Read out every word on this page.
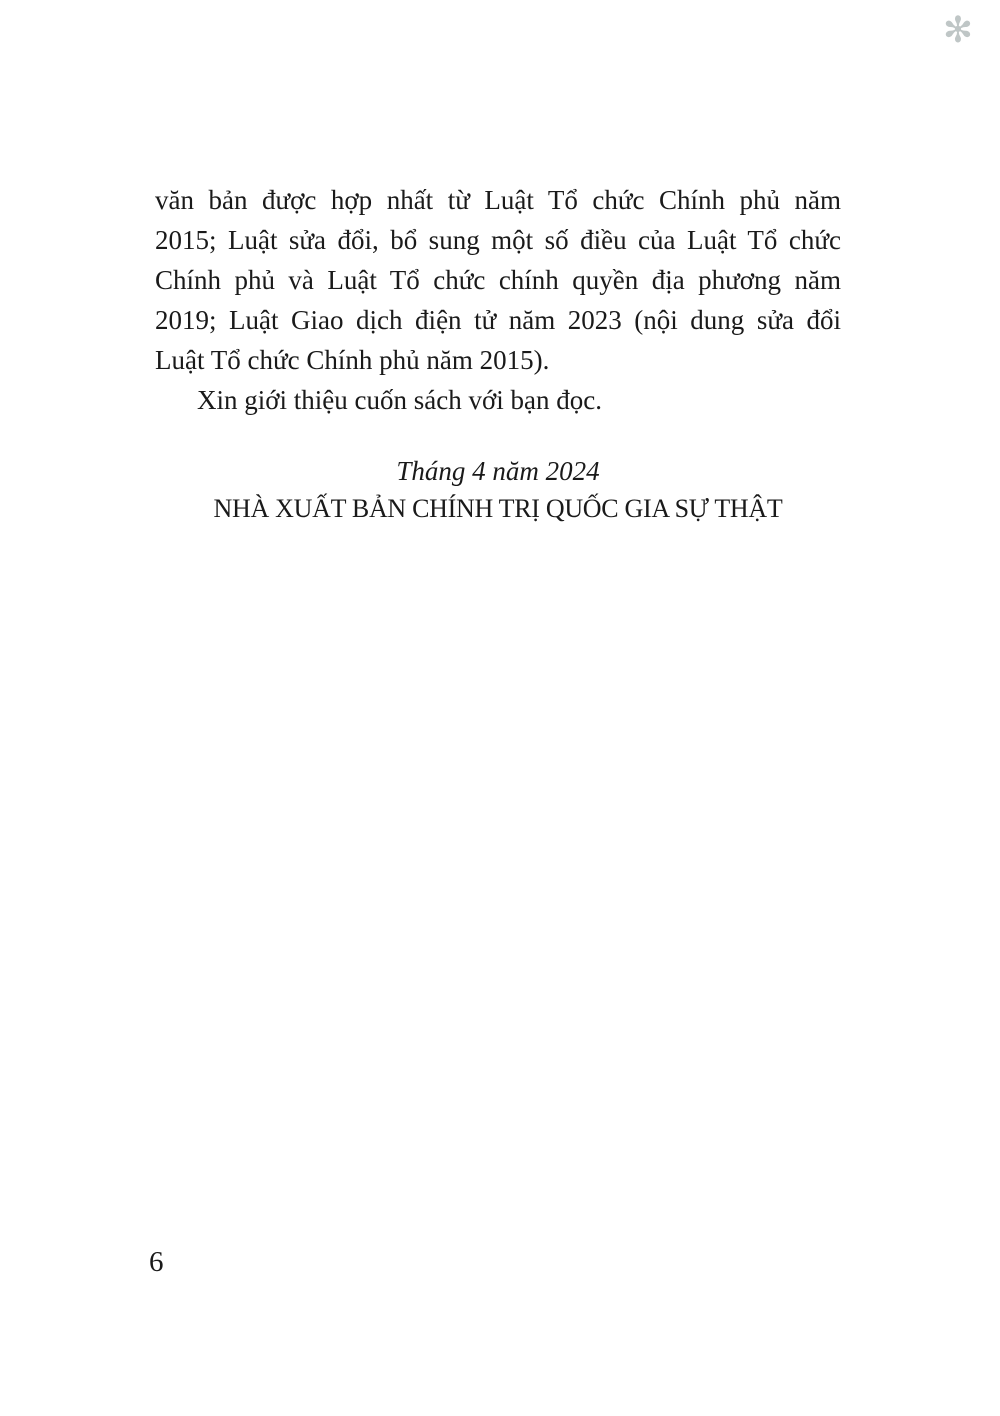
✻

văn bản được hợp nhất từ Luật Tổ chức Chính phủ năm

2015; Luật sửa đổi, bổ sung một số điều của Luật Tổ chức

Chính phủ và Luật Tổ chức chính quyền địa phương năm

2019; Luật Giao dịch điện tử năm 2023 (nội dung sửa đổi

Luật Tổ chức Chính phủ năm 2015).

Xin giới thiệu cuốn sách với bạn đọc.

Tháng 4 năm 2024

NHÀ XUẤT BẢN CHÍNH TRỊ QUỐC GIA SỰ THẬT

6
